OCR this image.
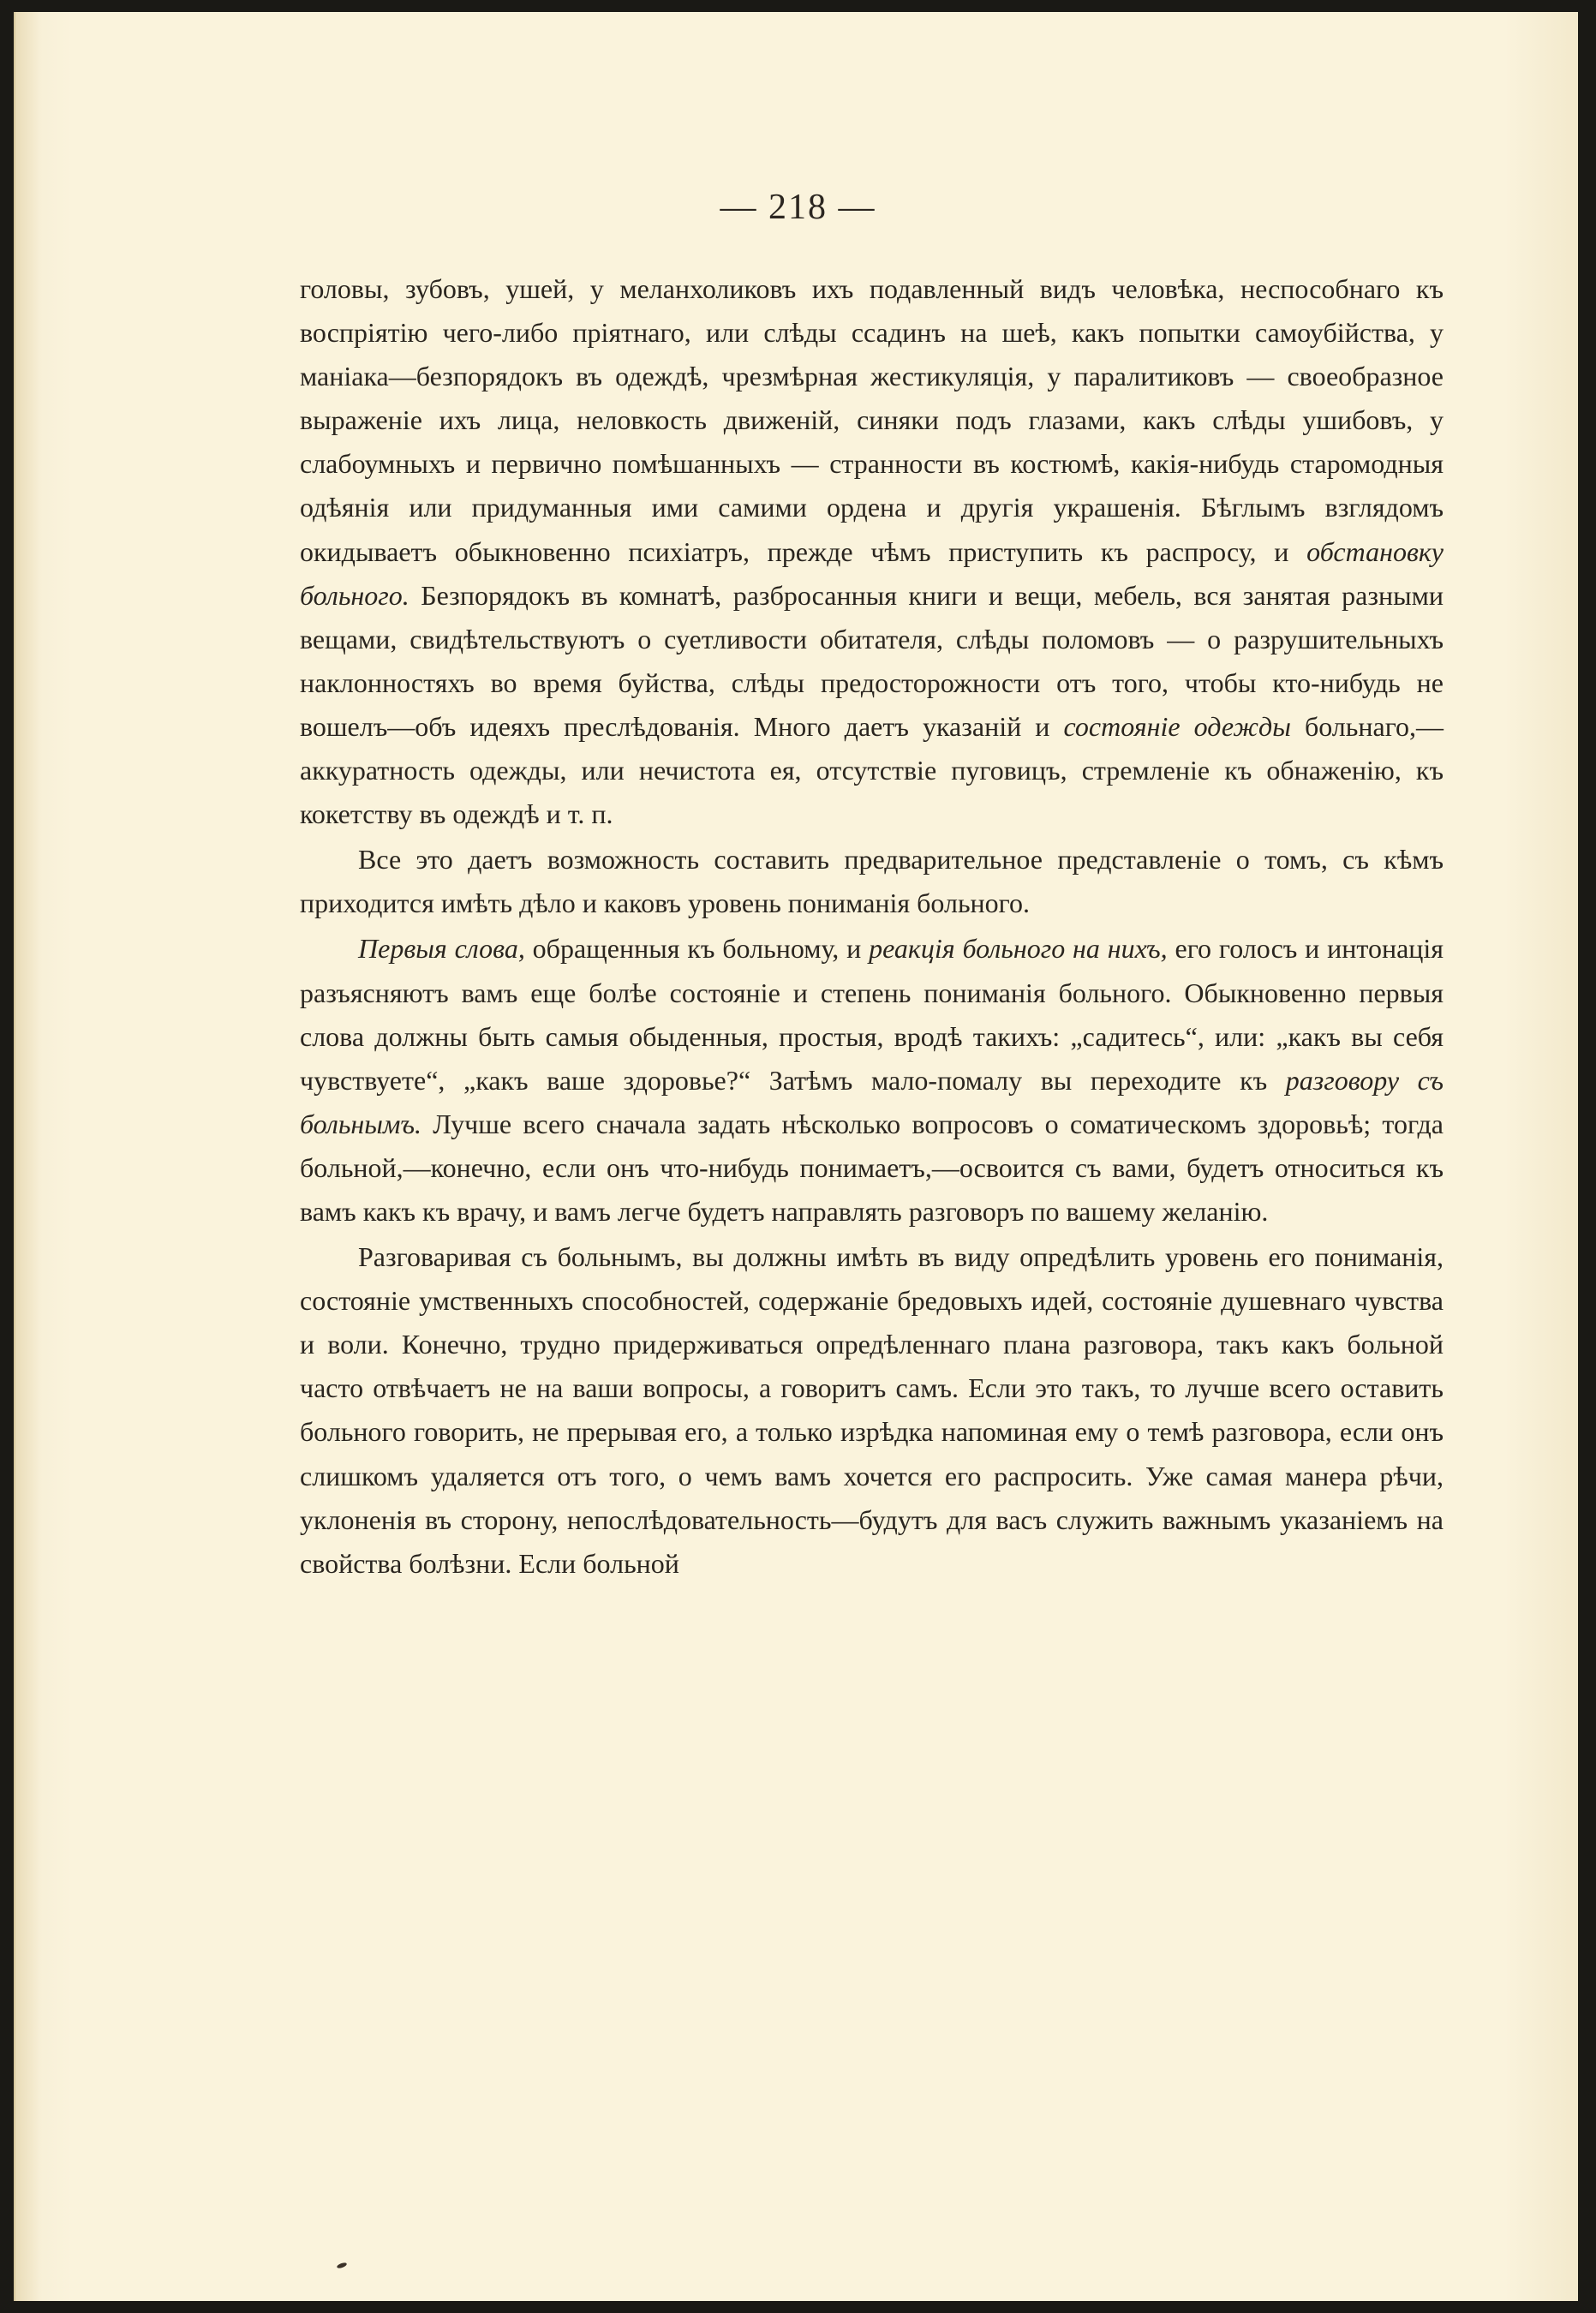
— 218 —

головы, зубовъ, ушей, у меланхоликовъ ихъ подавленный видъ человѣка, неспособнаго къ воспріятію чего-либо пріятнаго, или слѣды ссадинъ на шеѣ, какъ попытки самоубійства, у маніака—безпорядокъ въ одеждѣ, чрезмѣрная жестикуляція, у паралитиковъ — своеобразное выраженіе ихъ лица, неловкость движеній, синяки подъ глазами, какъ слѣды ушибовъ, у слабоумныхъ и первично помѣшанныхъ — странности въ костюмѣ, какія-нибудь старомодныя одѣянія или придуманныя ими самими ордена и другія украшенія. Бѣглымъ взглядомъ окидываетъ обыкновенно психіатръ, прежде чѣмъ приступить къ распросу, и обстановку больного. Безпорядокъ въ комнатѣ, разбросанныя книги и вещи, мебель, вся занятая разными вещами, свидѣтельствуютъ о суетливости обитателя, слѣды поломовъ — о разрушительныхъ наклонностяхъ во время буйства, слѣды предосторожности отъ того, чтобы кто-нибудь не вошелъ—объ идеяхъ преслѣдованія. Много даетъ указаній и состояніе одежды больнаго,—аккуратность одежды, или нечистота ея, отсутствіе пуговицъ, стремленіе къ обнаженію, къ кокетству въ одеждѣ и т. п.

Все это даетъ возможность составить предварительное представленіе о томъ, съ кѣмъ приходится имѣть дѣло и каковъ уровень пониманія больного.

Первыя слова, обращенныя къ больному, и реакція больного на нихъ, его голосъ и интонація разъясняютъ вамъ еще болѣе состояніе и степень пониманія больного. Обыкновенно первыя слова должны быть самыя обыденныя, простыя, вродѣ такихъ: „садитесь“, или: „какъ вы себя чувствуете“, „какъ ваше здоровье?“ Затѣмъ мало-помалу вы переходите къ разговору съ больнымъ. Лучше всего сначала задать нѣсколько вопросовъ о соматическомъ здоровьѣ; тогда больной,—конечно, если онъ что-нибудь понимаетъ,—освоится съ вами, будетъ относиться къ вамъ какъ къ врачу, и вамъ легче будетъ направлять разговоръ по вашему желанію.

Разговаривая съ больнымъ, вы должны имѣть въ виду опредѣлить уровень его пониманія, состояніе умственныхъ способностей, содержаніе бредовыхъ идей, состояніе душевнаго чувства и воли. Конечно, трудно придерживаться опредѣленнаго плана разговора, такъ какъ больной часто отвѣчаетъ не на ваши вопросы, а говоритъ самъ. Если это такъ, то лучше всего оставить больного говорить, не прерывая его, а только изрѣдка напоминая ему о темѣ разговора, если онъ слишкомъ удаляется отъ того, о чемъ вамъ хочется его распросить. Уже самая манера рѣчи, уклоненія въ сторону, непослѣдовательность—будутъ для васъ служить важнымъ указаніемъ на свойства болѣзни. Если больной
